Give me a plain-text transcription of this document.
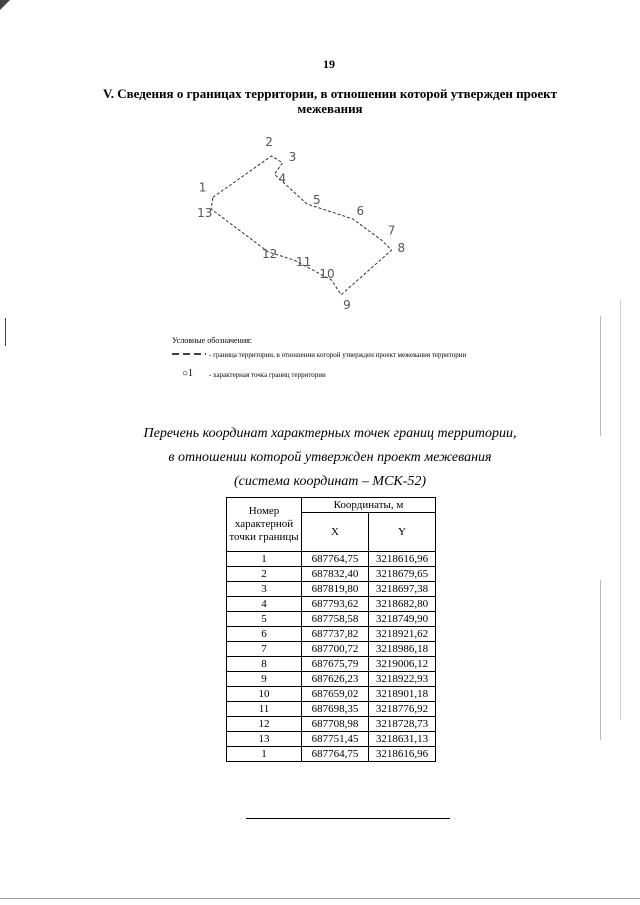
19
V. Сведения о границах территории, в отношении которой утвержден проект
межевания
1
2
3
4
5
6
7
8
9
10
11
12
13
Условные обозначения:
- граница территории, в отношении которой утвержден проект межевания территории
○1	- характерная точка границ территории
Перечень координат характерных точек границ территории,
в отношении которой утвержден проект межевания
(система координат – МСК-52)
Номер характерной точки границы	Координаты, м	
	X	Y
1	687764,75	3218616,96
2	687832,40	3218679,65
3	687819,80	3218697,38
4	687793,62	3218682,80
5	687758,58	3218749,90
6	687737,82	3218921,62
7	687700,72	3218986,18
8	687675,79	3219006,12
9	687626,23	3218922,93
10	687659,02	3218901,18
11	687698,35	3218776,92
12	687708,98	3218728,73
13	687751,45	3218631,13
1	687764,75	3218616,96
